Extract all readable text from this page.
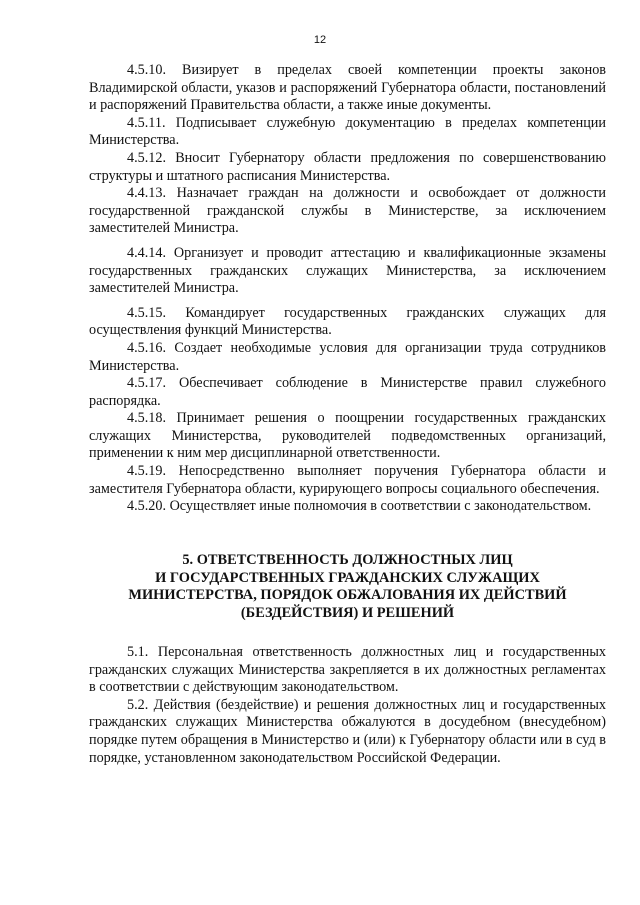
12

4.5.10. Визирует в пределах своей компетенции проекты законов Владимирской области, указов и распоряжений Губернатора области, постановлений и распоряжений Правительства области, а также иные документы.

4.5.11. Подписывает служебную документацию в пределах компетенции Министерства.

4.5.12. Вносит Губернатору области предложения по совершенствованию структуры и штатного расписания Министерства.

4.4.13. Назначает граждан на должности и освобождает от должности государственной гражданской службы в Министерстве, за исключением заместителей Министра.

4.4.14. Организует и проводит аттестацию и квалификационные экзамены государственных гражданских служащих Министерства, за исключением заместителей Министра.

4.5.15. Командирует государственных гражданских служащих для осуществления функций Министерства.

4.5.16. Создает необходимые условия для организации труда сотрудников Министерства.

4.5.17. Обеспечивает соблюдение в Министерстве правил служебного распорядка.

4.5.18. Принимает решения о поощрении государственных гражданских служащих Министерства, руководителей подведомственных организаций, применении к ним мер дисциплинарной ответственности.

4.5.19. Непосредственно выполняет поручения Губернатора области и заместителя Губернатора области, курирующего вопросы социального обеспечения.

4.5.20. Осуществляет иные полномочия в соответствии с законодательством.

5. ОТВЕТСТВЕННОСТЬ ДОЛЖНОСТНЫХ ЛИЦ
И ГОСУДАРСТВЕННЫХ ГРАЖДАНСКИХ СЛУЖАЩИХ
МИНИСТЕРСТВА, ПОРЯДОК ОБЖАЛОВАНИЯ ИХ ДЕЙСТВИЙ
(БЕЗДЕЙСТВИЯ) И РЕШЕНИЙ

5.1. Персональная ответственность должностных лиц и государственных гражданских служащих Министерства закрепляется в их должностных регламентах в соответствии с действующим законодательством.

5.2. Действия (бездействие) и решения должностных лиц и государственных гражданских служащих Министерства обжалуются в досудебном (внесудебном) порядке путем обращения в Министерство и (или) к Губернатору области или в суд в порядке, установленном законодательством Российской Федерации.
